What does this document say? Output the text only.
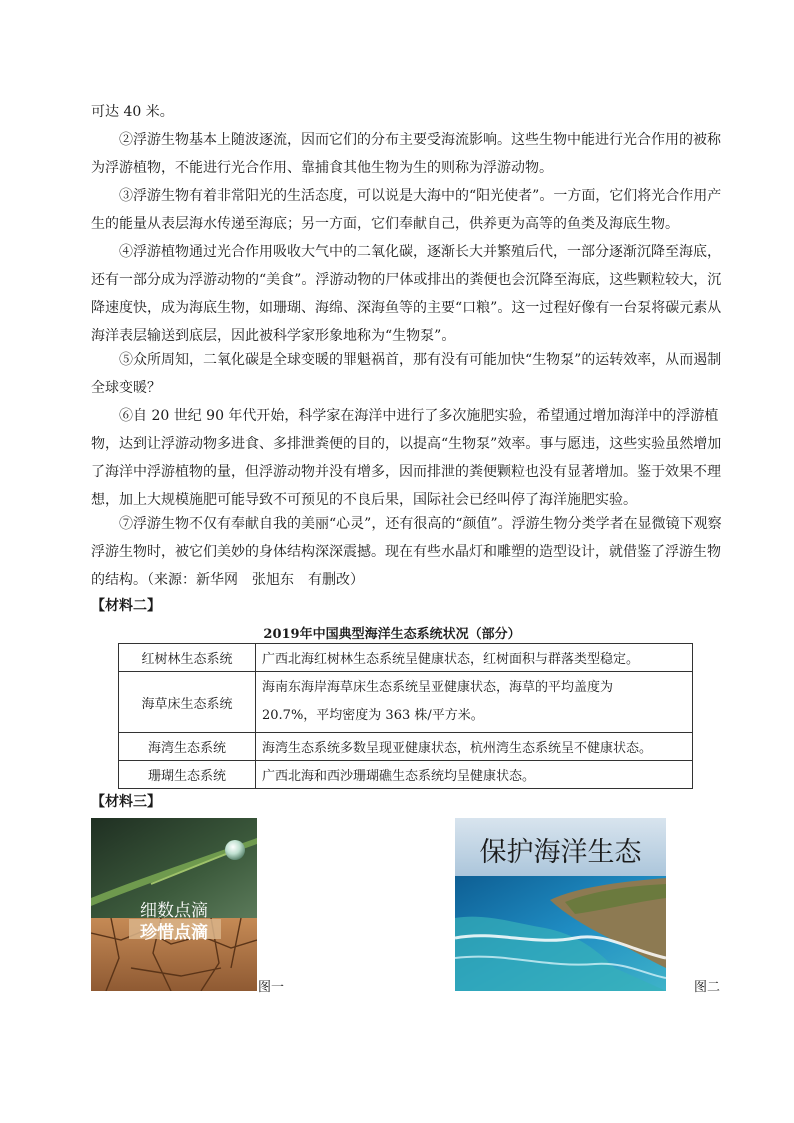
可达 40 米。

②浮游生物基本上随波逐流，因而它们的分布主要受海流影响。这些生物中能进行光合作用的被称为浮游植物，不能进行光合作用、靠捕食其他生物为生的则称为浮游动物。

③浮游生物有着非常阳光的生活态度，可以说是大海中的“阳光使者”。一方面，它们将光合作用产生的能量从表层海水传递至海底；另一方面，它们奉献自己，供养更为高等的鱼类及海底生物。

④浮游植物通过光合作用吸收大气中的二氧化碳，逐渐长大并繁殖后代，一部分逐渐沉降至海底，还有一部分成为浮游动物的“美食”。浮游动物的尸体或排出的粪便也会沉降至海底，这些颗粒较大，沉降速度快，成为海底生物，如珊瑚、海绵、深海鱼等的主要“口粮”。这一过程好像有一台泵将碳元素从海洋表层输送到底层，因此被科学家形象地称为“生物泵”。

⑤众所周知，二氧化碳是全球变暖的罪魁祸首，那有没有可能加快“生物泵”的运转效率，从而遏制全球变暖？

⑥自 20 世纪 90 年代开始，科学家在海洋中进行了多次施肥实验，希望通过增加海洋中的浮游植物，达到让浮游动物多进食、多排泄粪便的目的，以提高“生物泵”效率。事与愿违，这些实验虽然增加了海洋中浮游植物的量，但浮游动物并没有增多，因而排泄的粪便颗粒也没有显著增加。鉴于效果不理想，加上大规模施肥可能导致不可预见的不良后果，国际社会已经叫停了海洋施肥实验。

⑦浮游生物不仅有奉献自我的美丽“心灵”，还有很高的“颜值”。浮游生物分类学者在显微镜下观察浮游生物时，被它们美妙的身体结构深深震撼。现在有些水晶灯和雕塑的造型设计，就借鉴了浮游生物的结构。（来源：新华网　张旭东　有删改）

【材料二】
2019年中国典型海洋生态系统状况（部分）
红树林生态系统	广西北海红树林生态系统呈健康状态，红树面积与群落类型稳定。
海草床生态系统	海南东海岸海草床生态系统呈亚健康状态，海草的平均盖度为
20.7%，平均密度为 363 株/平方米。

海湾生态系统	海湾生态系统多数呈现亚健康状态，杭州湾生态系统呈不健康状态。
珊瑚生态系统	广西北海和西沙珊瑚礁生态系统均呈健康状态。
【材料三】
细数点滴
珍惜点滴
图一
保护海洋生态
图二
